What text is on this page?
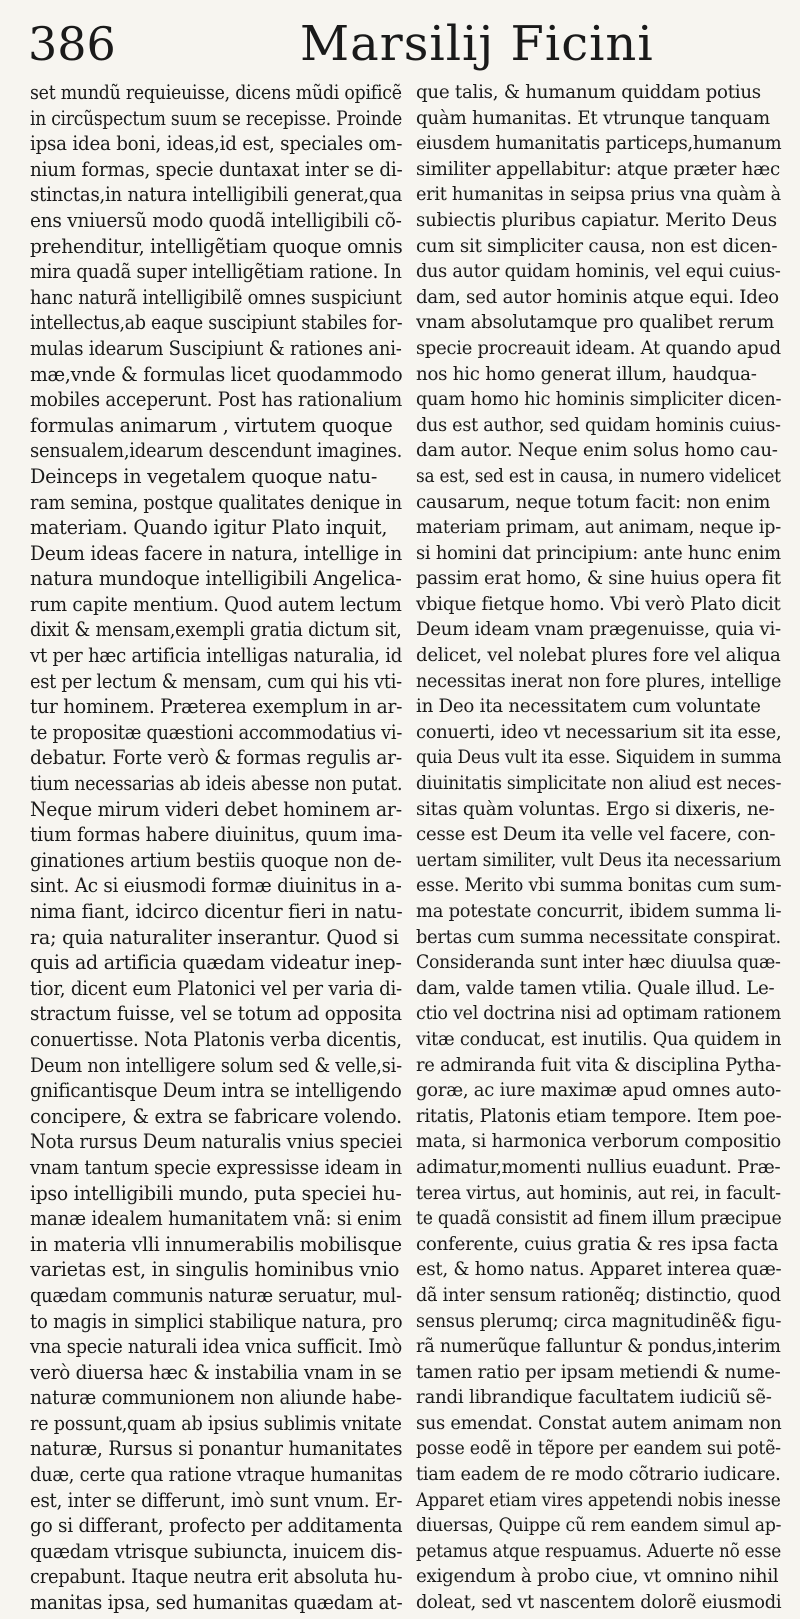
386	Marsilij Ficini
set mundũ requieuisse, dicens mũdi opificẽ
in circũspectum suum se recepisse. Proinde
ipsa idea boni, ideas,id est, speciales om-
nium formas, specie duntaxat inter se di-
stinctas,in natura intelligibili generat,qua
ens vniuersũ modo quodã intelligibili cõ-
prehenditur, intelligẽtiam quoque omnis
mira quadã super intelligẽtiam ratione. In
hanc naturã intelligibilẽ omnes suspiciunt
intellectus,ab eaque suscipiunt stabiles for-
mulas idearum Suscipiunt & rationes ani-
mæ,vnde & formulas licet quodammodo
mobiles acceperunt. Post has rationalium
formulas animarum , virtutem quoque
sensualem,idearum descendunt imagines.
Deinceps in vegetalem quoque natu-
ram semina, postque qualitates denique in
materiam. Quando igitur Plato inquit,
Deum ideas facere in natura, intellige in
natura mundoque intelligibili Angelica-
rum capite mentium. Quod autem lectum
dixit & mensam,exempli gratia dictum sit,
vt per hæc artificia intelligas naturalia, id
est per lectum & mensam, cum qui his vti-
tur hominem. Præterea exemplum in ar-
te propositæ quæstioni accommodatius vi-
debatur. Forte verò & formas regulis ar-
tium necessarias ab ideis abesse non putat.
Neque mirum videri debet hominem ar-
tium formas habere diuinitus, quum ima-
ginationes artium bestiis quoque non de-
sint. Ac si eiusmodi formæ diuinitus in a-
nima fiant, idcirco dicentur fieri in natu-
ra; quia naturaliter inserantur. Quod si
quis ad artificia quædam videatur inep-
tior, dicent eum Platonici vel per varia di-
stractum fuisse, vel se totum ad opposita
conuertisse. Nota Platonis verba dicentis,
Deum non intelligere solum sed & velle,si-
gnificantisque Deum intra se intelligendo
concipere, & extra se fabricare volendo.
Nota rursus Deum naturalis vnius speciei
vnam tantum specie expressisse ideam in
ipso intelligibili mundo, puta speciei hu-
manæ idealem humanitatem vnã: si enim
in materia vlli innumerabilis mobilisque
varietas est, in singulis hominibus vnio
quædam communis naturæ seruatur, mul-
to magis in simplici stabilique natura, pro
vna specie naturali idea vnica sufficit. Imò
verò diuersa hæc & instabilia vnam in se
naturæ communionem non aliunde habe-
re possunt,quam ab ipsius sublimis vnitate
naturæ, Rursus si ponantur humanitates
duæ, certe qua ratione vtraque humanitas
est, inter se differunt, imò sunt vnum. Er-
go si differant, profecto per additamenta
quædam vtrisque subiuncta, inuicem dis-
crepabunt. Itaque neutra erit absoluta hu-
manitas ipsa, sed humanitas quædam at-
que talis, & humanum quiddam potius
quàm humanitas. Et vtrunque tanquam
eiusdem humanitatis particeps,humanum
similiter appellabitur: atque præter hæc
erit humanitas in seipsa prius vna quàm à
subiectis pluribus capiatur. Merito Deus
cum sit simpliciter causa, non est dicen-
dus autor quidam hominis, vel equi cuius-
dam, sed autor hominis atque equi. Ideo
vnam absolutamque pro qualibet rerum
specie procreauit ideam. At quando apud
nos hic homo generat illum, haudqua-
quam homo hic hominis simpliciter dicen-
dus est author, sed quidam hominis cuius-
dam autor. Neque enim solus homo cau-
sa est, sed est in causa, in numero videlicet
causarum, neque totum facit: non enim
materiam primam, aut animam, neque ip-
si homini dat principium: ante hunc enim
passim erat homo, & sine huius opera fit
vbique fietque homo. Vbi verò Plato dicit
Deum ideam vnam prægenuisse, quia vi-
delicet, vel nolebat plures fore vel aliqua
necessitas inerat non fore plures, intellige
in Deo ita necessitatem cum voluntate
conuerti, ideo vt necessarium sit ita esse,
quia Deus vult ita esse. Siquidem in summa
diuinitatis simplicitate non aliud est neces-
sitas quàm voluntas. Ergo si dixeris, ne-
cesse est Deum ita velle vel facere, con-
uertam similiter, vult Deus ita necessarium
esse. Merito vbi summa bonitas cum sum-
ma potestate concurrit, ibidem summa li-
bertas cum summa necessitate conspirat.
Consideranda sunt inter hæc diuulsa quæ-
dam, valde tamen vtilia. Quale illud. Le-
ctio vel doctrina nisi ad optimam rationem
vitæ conducat, est inutilis. Qua quidem in
re admiranda fuit vita & disciplina Pytha-
goræ, ac iure maximæ apud omnes auto-
ritatis, Platonis etiam tempore. Item poe-
mata, si harmonica verborum compositio
adimatur,momenti nullius euadunt. Præ-
terea virtus, aut hominis, aut rei, in facult-
te quadã consistit ad finem illum præcipue
conferente, cuius gratia & res ipsa facta
est, & homo natus. Apparet interea quæ-
dã inter sensum rationẽq; distinctio, quod
sensus plerumq; circa magnitudinẽ& figu-
rã numerũque falluntur & pondus,interim
tamen ratio per ipsam metiendi & nume-
randi librandique facultatem iudiciũ sẽ-
sus emendat. Constat autem animam non
posse eodẽ in tẽpore per eandem sui potẽ-
tiam eadem de re modo cõtrario iudicare.
Apparet etiam vires appetendi nobis inesse
diuersas, Quippe cũ rem eandem simul ap-
petamus atque respuamus. Aduerte nõ esse
exigendum à probo ciue, vt omnino nihil
doleat, sed vt nascentem dolorẽ eiusmodi
